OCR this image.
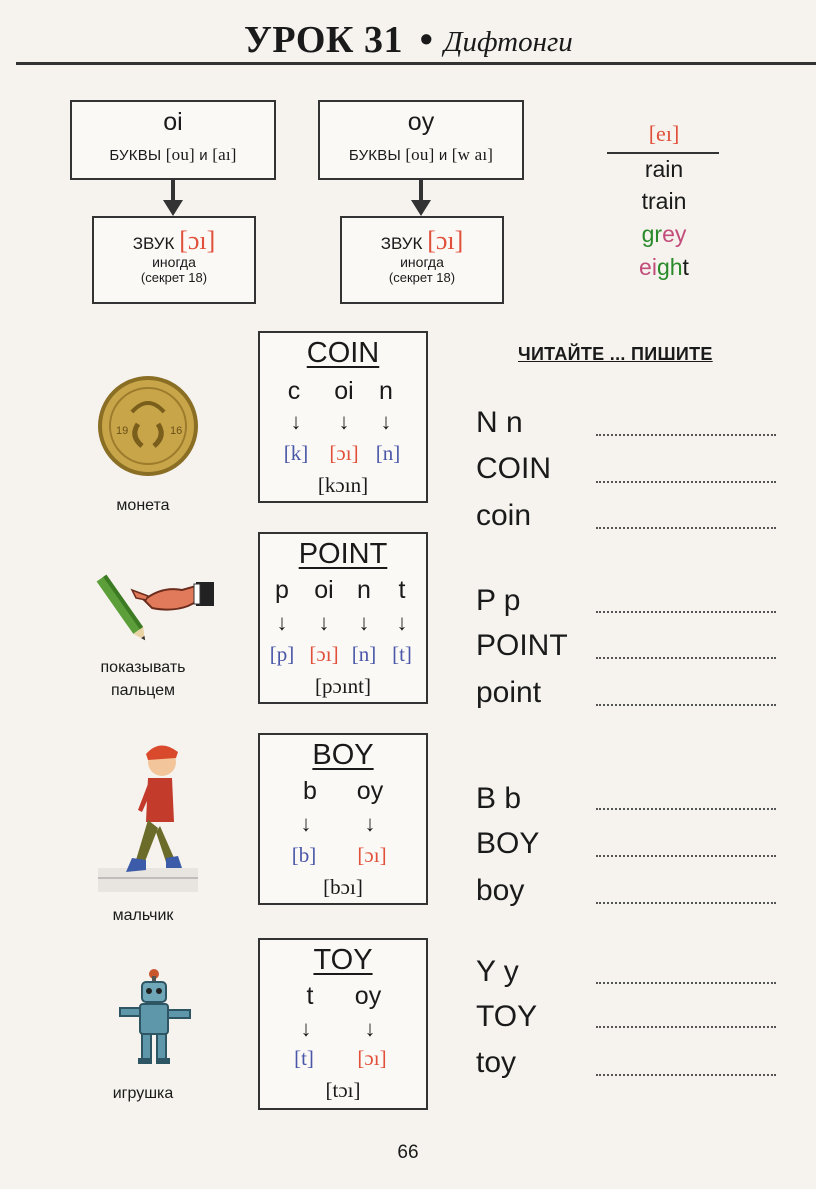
УРОК 31 • Дифтонги
oi
БУКВЫ [ou] и [aı]
ЗВУК [ɔı]
иногда
(секрет 18)
oy
БУКВЫ [ou] и [w aı]
ЗВУК [ɔı]
иногда
(секрет 18)
[eı]
rain
train
grey
eight
ЧИТАЙТЕ ... ПИШИТЕ
19	16
монета
показывать
пальцем
мальчик
игрушка
COIN
c	oi	n
↓ ↓ ↓
[k]	[ɔı] [n]
[kɔın]
POINT
p	oi n	t
↓ ↓ ↓ ↓
[p] [ɔı] [n] [t]
[pɔınt]
BOY
b	oy
↓ ↓
[b]	[ɔı]
[bɔı]
TOY
t	oy
↓ ↓
[t]	[ɔı]
[tɔı]
N n
COIN
coin
P p
POINT
point
B b
BOY
boy
Y y
TOY
toy
66
